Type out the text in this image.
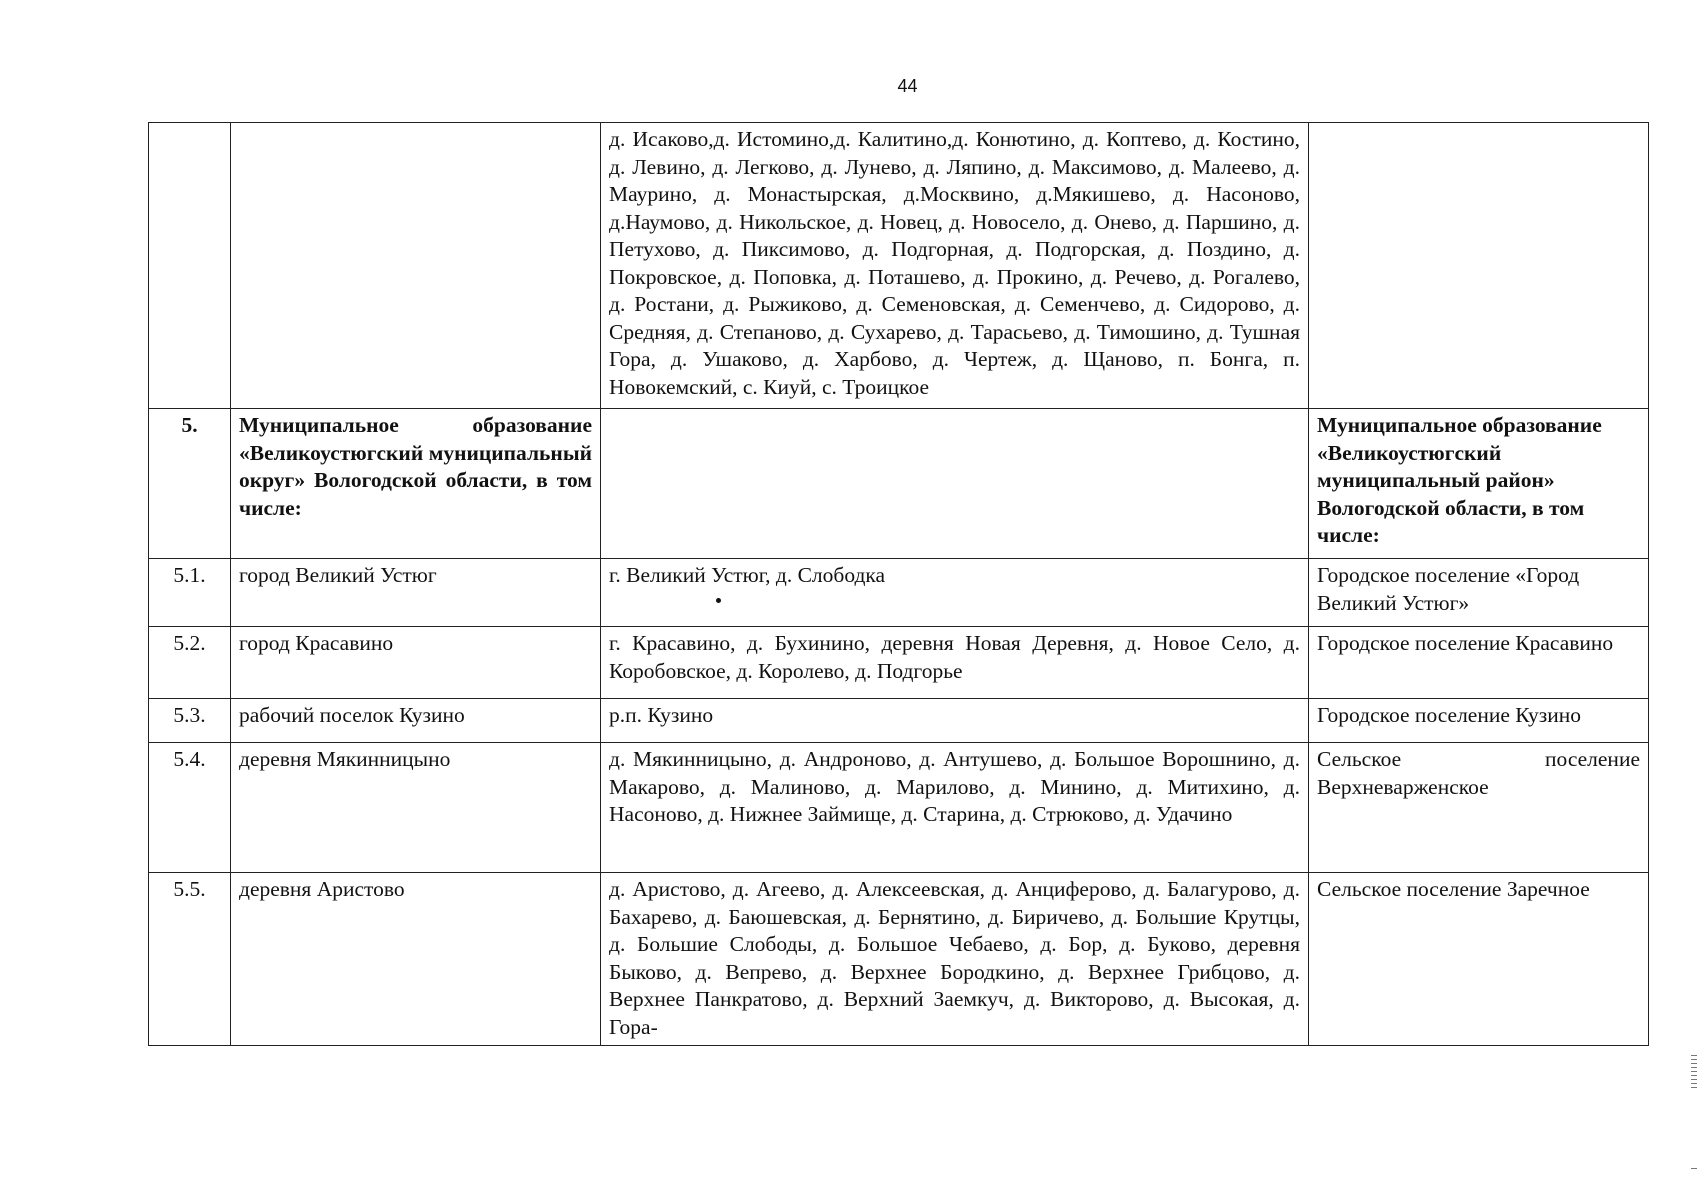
44
		д. Исаково,д. Истомино,д. Калитино,д. Конютино, д. Коптево, д. Костино, д. Левино, д. Легково, д. Лунево, д. Ляпино, д. Максимово, д. Малеево, д. Маурино, д. Монастырская, д.Москвино, д.Мякишево, д. Насоново, д.Наумово, д. Никольское, д. Новец, д. Новосело, д. Онево, д. Паршино, д. Петухово, д. Пиксимово, д. Подгорная, д. Подгорская, д. Поздино, д. Покровское, д. Поповка, д. Поташево, д. Прокино, д. Речево, д. Рогалево, д. Ростани, д. Рыжиково, д. Семеновская, д. Семенчево, д. Сидорово, д. Средняя, д. Степаново, д. Сухарево, д. Тарасьево, д. Тимошино, д. Тушная Гора, д. Ушаково, д. Харбово, д. Чертеж, д. Щаново, п. Бонга, п. Новокемский, с. Киуй, с. Троицкое	
5.	Муниципальное образование «Великоустюгский муниципальный округ» Вологодской области, в том числе:		Муниципальное образование «Великоустюгский муниципальный район» Вологодской области, в том числе:
5.1.	город Великий Устюг	г. Великий Устюг, д. Слободка	Городское поселение «Город Великий Устюг»
5.2.	город Красавино	г. Красавино, д. Бухинино, деревня Новая Деревня, д. Новое Село, д. Коробовское, д. Королево, д. Подгорье	Городское поселение Красавино
5.3.	рабочий поселок Кузино	р.п. Кузино	Городское поселение Кузино
5.4.	деревня Мякинницыно	д. Мякинницыно, д. Андроново, д. Антушево, д. Большое Ворошнино, д. Макарово, д. Малиново, д. Марилово, д. Минино, д. Митихино, д. Насоново, д. Нижнее Займище, д. Старина, д. Стрюково, д. Удачино	Сельское поселение Верхневарженское
5.5.	деревня Аристово	д. Аристово, д. Агеево, д. Алексеевская, д. Анциферово, д. Балагурово, д. Бахарево, д. Баюшевская, д. Бернятино, д. Биричево, д. Большие Крутцы, д. Большие Слободы, д. Большое Чебаево, д. Бор, д. Буково, деревня Быково, д. Вепрево, д. Верхнее Бородкино, д. Верхнее Грибцово, д. Верхнее Панкратово, д. Верхний Заемкуч, д. Викторово, д. Высокая, д. Гора-	Сельское поселение Заречное
